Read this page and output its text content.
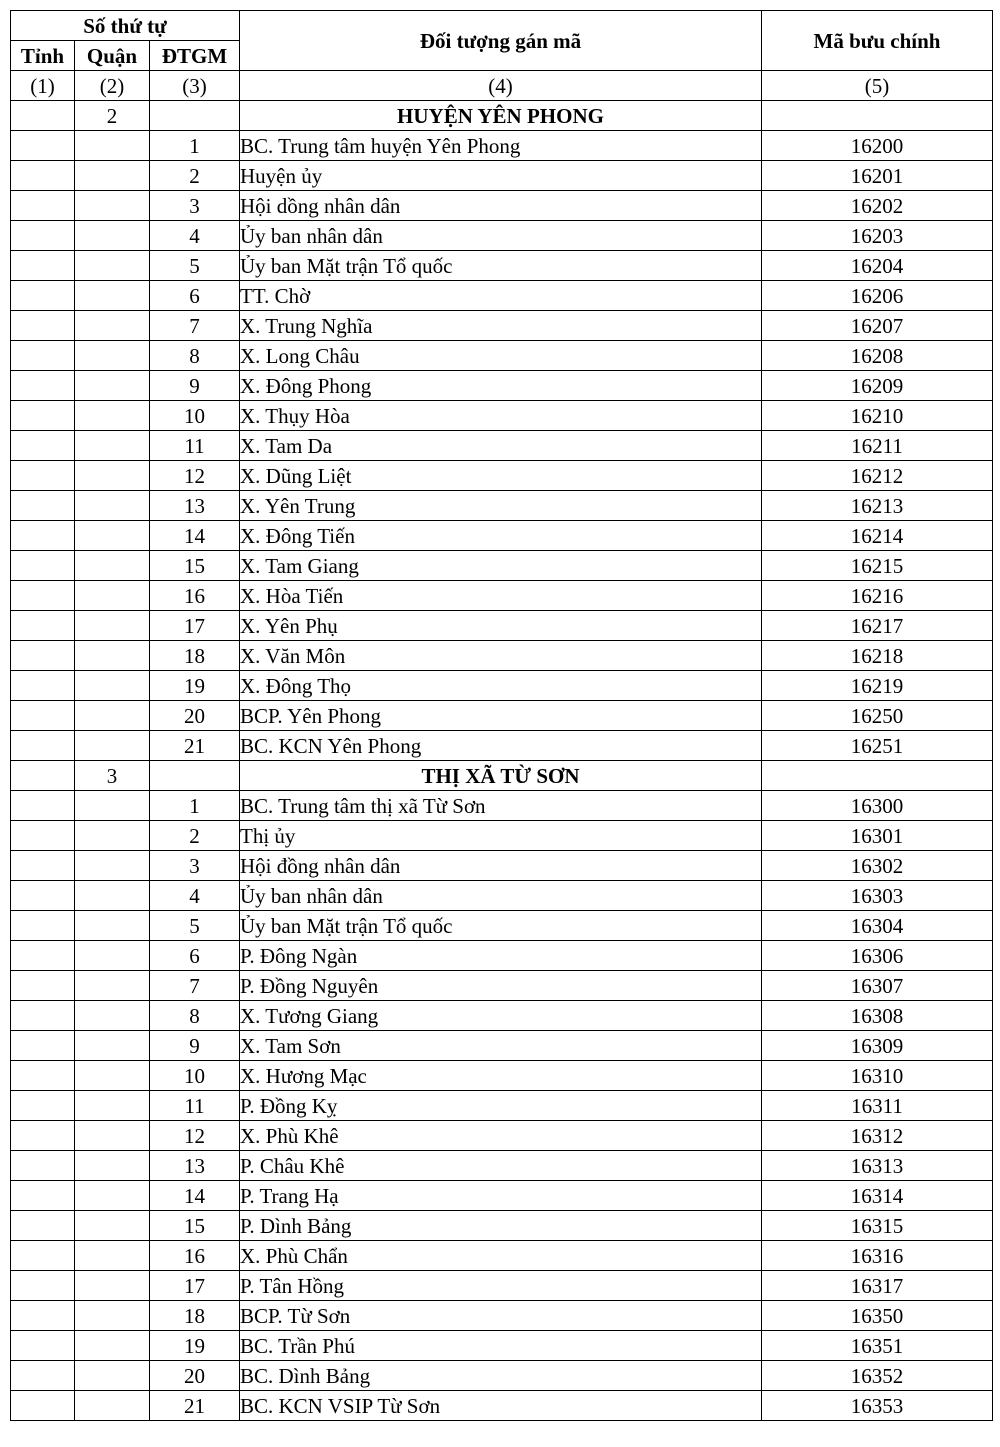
Số thứ tự			Đối tượng gán mã	Mã bưu chính
Tỉnh	Quận	ĐTGM		
(1)	(2)	(3)	(4)	(5)
	2		HUYỆN YÊN PHONG	
		1	BC. Trung tâm huyện Yên Phong	16200
		2	Huyện ủy	16201
		3	Hội dồng nhân dân	16202
		4	Ủy ban nhân dân	16203
		5	Ủy ban Mặt trận Tổ quốc	16204
		6	TT. Chờ	16206
		7	X. Trung Nghĩa	16207
		8	X. Long Châu	16208
		9	X. Đông Phong	16209
		10	X. Thụy Hòa	16210
		11	X. Tam Da	16211
		12	X. Dũng Liệt	16212
		13	X. Yên Trung	16213
		14	X. Đông Tiến	16214
		15	X. Tam Giang	16215
		16	X. Hòa Tiến	16216
		17	X. Yên Phụ	16217
		18	X. Văn Môn	16218
		19	X. Đông Thọ	16219
		20	BCP. Yên Phong	16250
		21	BC. KCN Yên Phong	16251
	3		THỊ XÃ TỪ SƠN	
		1	BC. Trung tâm thị xã Từ Sơn	16300
		2	Thị ủy	16301
		3	Hội đồng nhân dân	16302
		4	Ủy ban nhân dân	16303
		5	Ủy ban Mặt trận Tổ quốc	16304
		6	P. Đông Ngàn	16306
		7	P. Đồng Nguyên	16307
		8	X. Tương Giang	16308
		9	X. Tam Sơn	16309
		10	X. Hương Mạc	16310
		11	P. Đồng Kỵ	16311
		12	X. Phù Khê	16312
		13	P. Châu Khê	16313
		14	P. Trang Hạ	16314
		15	P. Dình Bảng	16315
		16	X. Phù Chẩn	16316
		17	P. Tân Hồng	16317
		18	BCP. Từ Sơn	16350
		19	BC. Trần Phú	16351
		20	BC. Dình Bảng	16352
		21	BC. KCN VSIP Từ Sơn	16353
